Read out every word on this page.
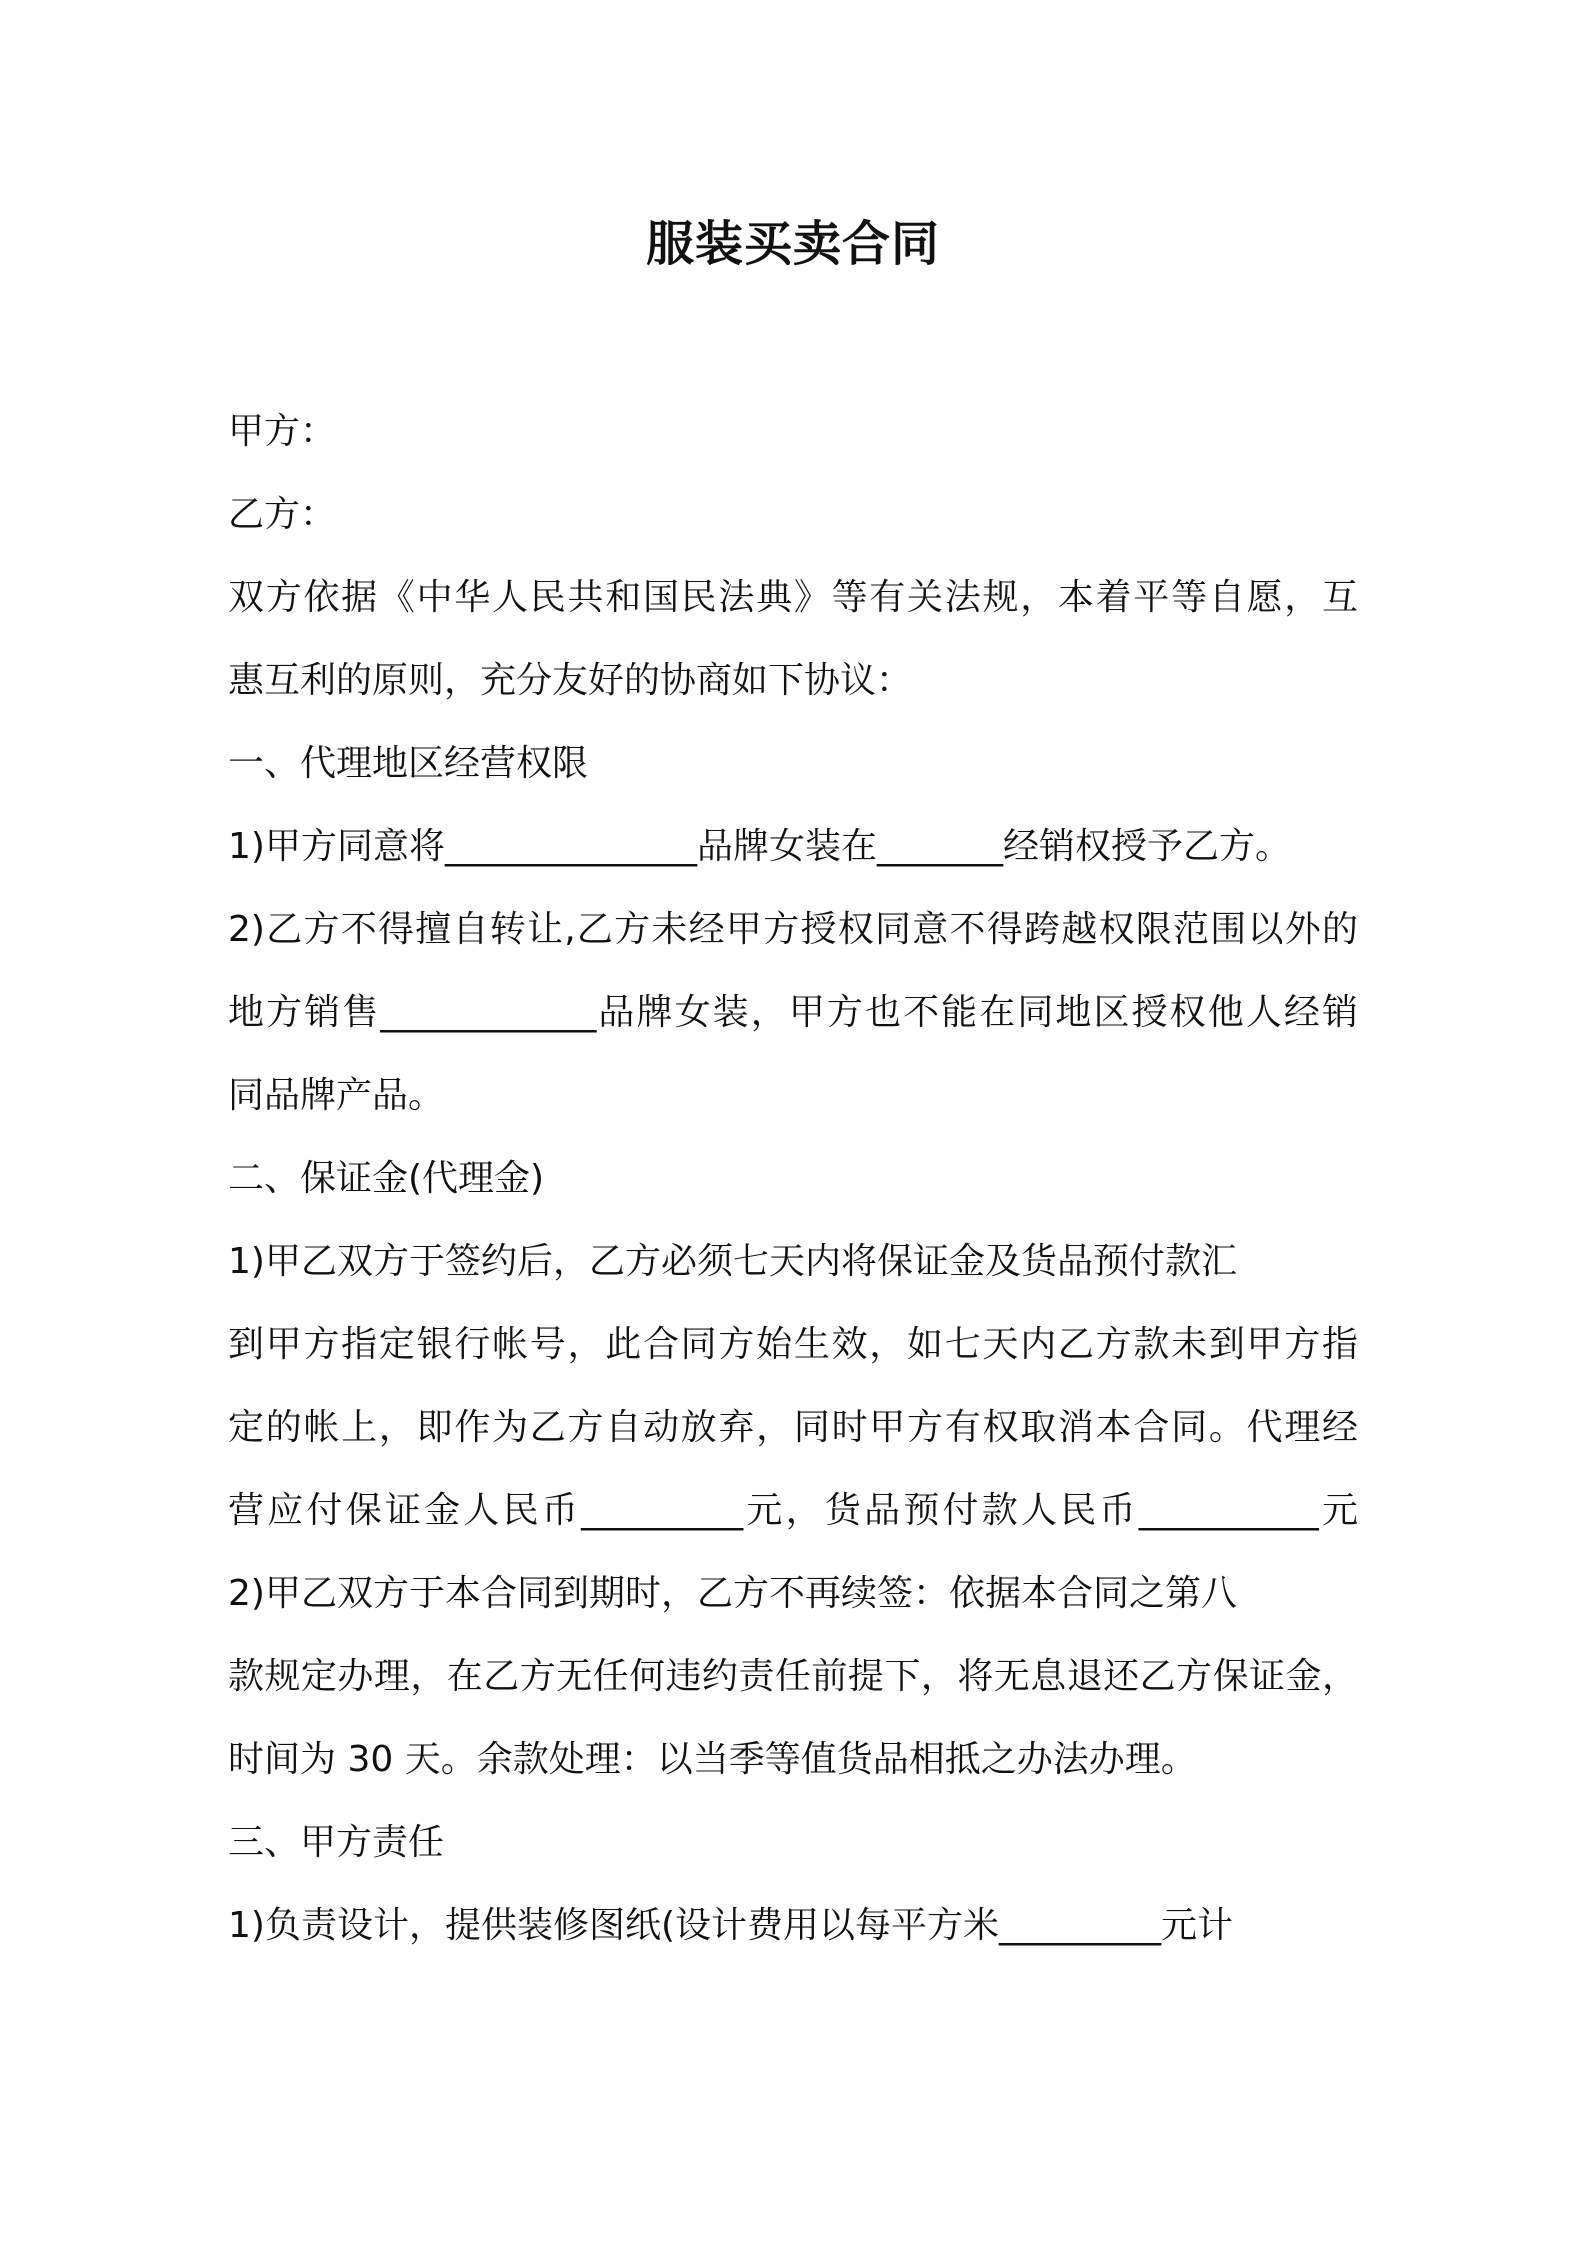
服装买卖合同
甲方：
乙方：
双方依据《中华人民共和国民法典》等有关法规，本着平等自愿，互
惠互利的原则，充分友好的协商如下协议：
一、代理地区经营权限
1)甲方同意将______________品牌女装在_______经销权授予乙方。
2)乙方不得擅自转让,乙方未经甲方授权同意不得跨越权限范围以外的
地方销售____________品牌女装，甲方也不能在同地区授权他人经销
同品牌产品。
二、保证金(代理金)
1)甲乙双方于签约后，乙方必须七天内将保证金及货品预付款汇
到甲方指定银行帐号，此合同方始生效，如七天内乙方款未到甲方指
定的帐上，即作为乙方自动放弃，同时甲方有权取消本合同。代理经
营应付保证金人民币_________元，货品预付款人民币__________元
2)甲乙双方于本合同到期时，乙方不再续签：依据本合同之第八
款规定办理，在乙方无任何违约责任前提下，将无息退还乙方保证金，
时间为 30 天。余款处理：以当季等值货品相抵之办法办理。
三、甲方责任
1)负责设计，提供装修图纸(设计费用以每平方米_________元计
